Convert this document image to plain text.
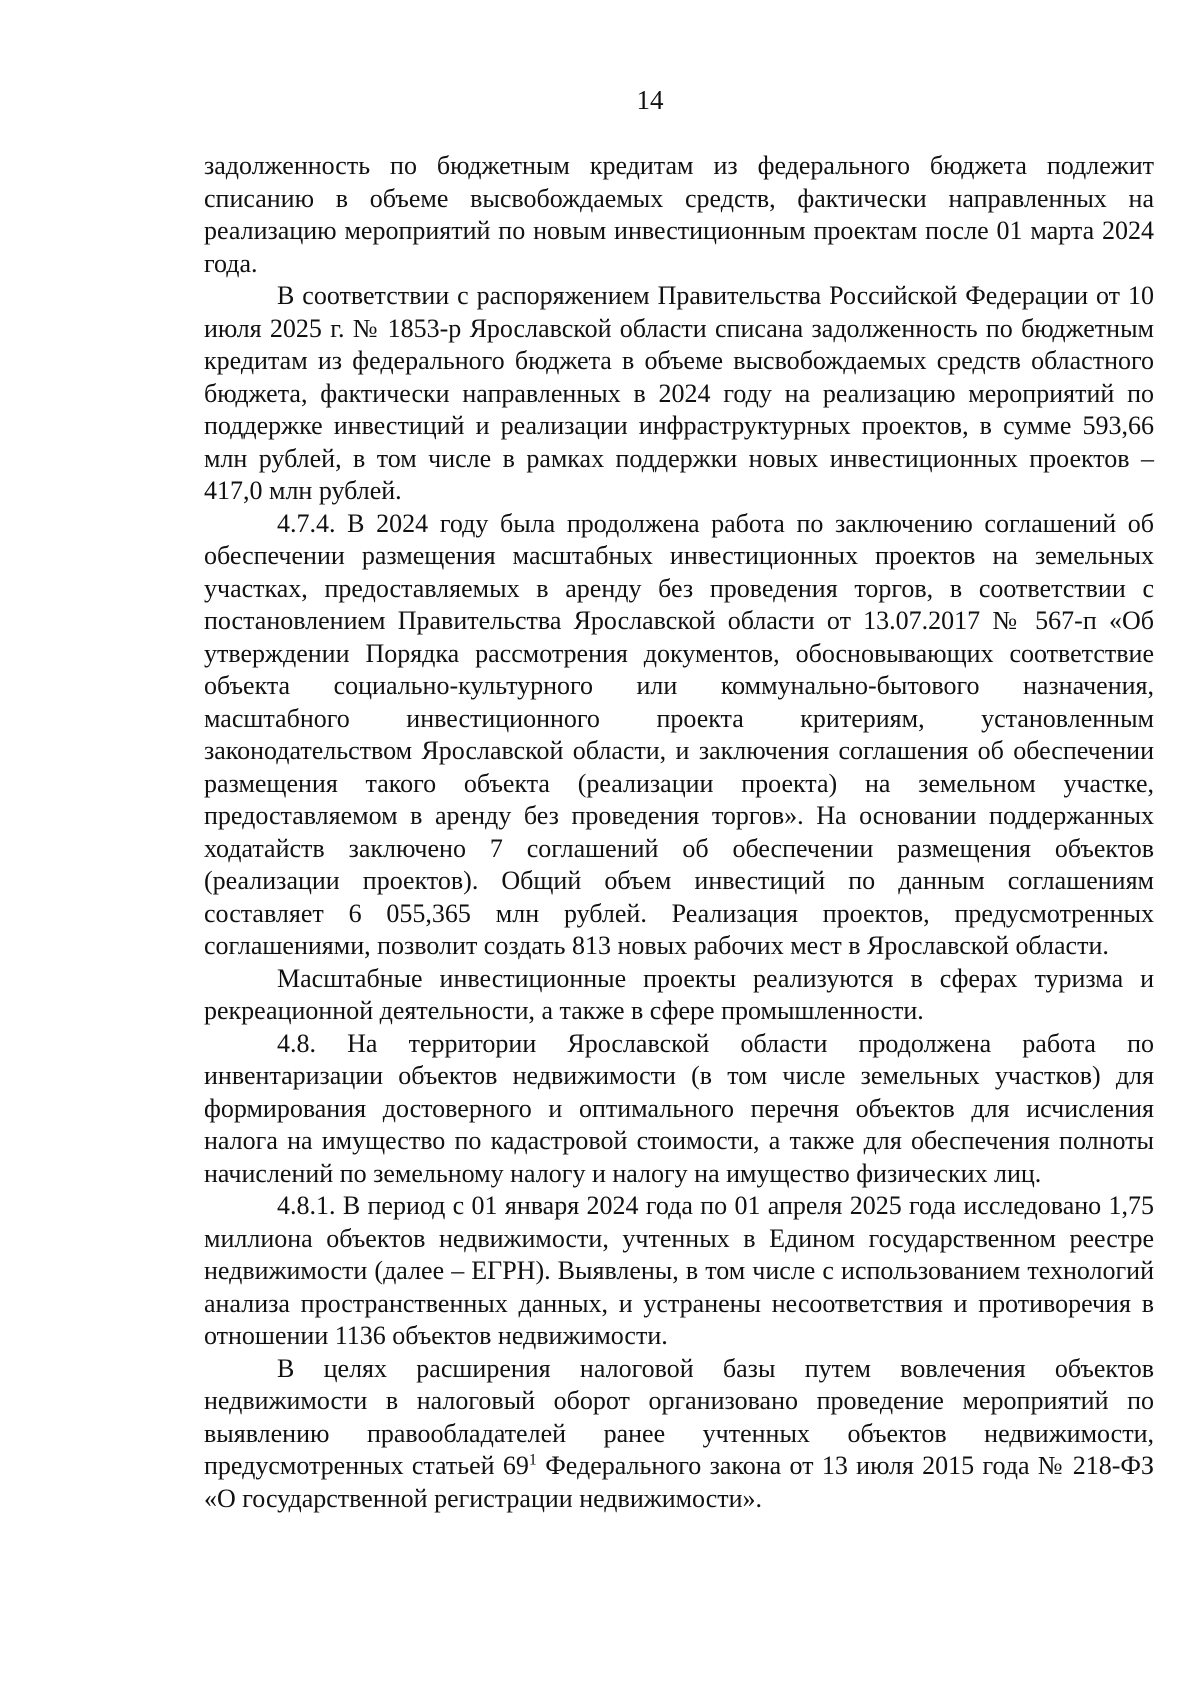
14

задолженность по бюджетным кредитам из федерального бюджета подлежит списанию в объеме высвобождаемых средств, фактически направленных на реализацию мероприятий по новым инвестиционным проектам после 01 марта 2024 года.

В соответствии с распоряжением Правительства Российской Федерации от 10 июля 2025 г. № 1853-р Ярославской области списана задолженность по бюджетным кредитам из федерального бюджета в объеме высвобождаемых средств областного бюджета, фактически направленных в 2024 году на реализацию мероприятий по поддержке инвестиций и реализации инфраструктурных проектов, в сумме 593,66 млн рублей, в том числе в рамках поддержки новых инвестиционных проектов – 417,0 млн рублей.

4.7.4. В 2024 году была продолжена работа по заключению соглашений об обеспечении размещения масштабных инвестиционных проектов на земельных участках, предоставляемых в аренду без проведения торгов, в соответствии с постановлением Правительства Ярославской области от 13.07.2017 № 567-п «Об утверждении Порядка рассмотрения документов, обосновывающих соответствие объекта социально-культурного или коммунально-бытового назначения, масштабного инвестиционного проекта критериям, установленным законодательством Ярославской области, и заключения соглашения об обеспечении размещения такого объекта (реализации проекта) на земельном участке, предоставляемом в аренду без проведения торгов». На основании поддержанных ходатайств заключено 7 соглашений об обеспечении размещения объектов (реализации проектов). Общий объем инвестиций по данным соглашениям составляет 6 055,365 млн рублей. Реализация проектов, предусмотренных соглашениями, позволит создать 813 новых рабочих мест в Ярославской области.

Масштабные инвестиционные проекты реализуются в сферах туризма и рекреационной деятельности, а также в сфере промышленности.

4.8. На территории Ярославской области продолжена работа по инвентаризации объектов недвижимости (в том числе земельных участков) для формирования достоверного и оптимального перечня объектов для исчисления налога на имущество по кадастровой стоимости, а также для обеспечения полноты начислений по земельному налогу и налогу на имущество физических лиц.

4.8.1. В период с 01 января 2024 года по 01 апреля 2025 года исследовано 1,75 миллиона объектов недвижимости, учтенных в Едином государственном реестре недвижимости (далее – ЕГРН). Выявлены, в том числе с использованием технологий анализа пространственных данных, и устранены несоответствия и противоречия в отношении 1136 объектов недвижимости.

В целях расширения налоговой базы путем вовлечения объектов недвижимости в налоговый оборот организовано проведение мероприятий по выявлению правообладателей ранее учтенных объектов недвижимости, предусмотренных статьей $69^1$ Федерального закона от 13 июля 2015 года № 218-ФЗ «О государственной регистрации недвижимости».
